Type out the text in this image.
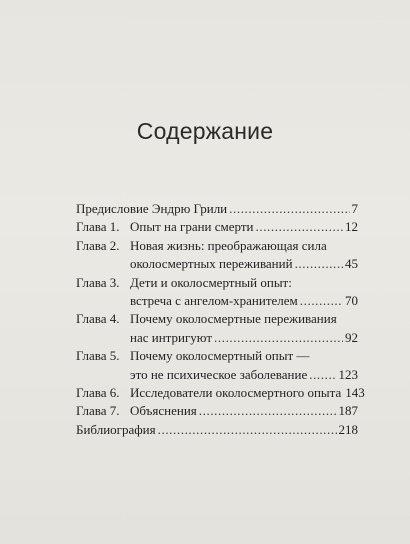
Содержание
Предисловие Эндрю Грили .....	7
Глава 1. Опыт на грани смерти .....	12
Глава 2. Новая жизнь: преображающая сила
околосмертных переживаний .....	45
Глава 3. Дети и околосмертный опыт:
встреча с ангелом-хранителем .....	70
Глава 4. Почему околосмертные переживания
нас интригуют .....	92
Глава 5. Почему околосмертный опыт —
это не психическое заболевание ..... 123
Глава 6. Исследователи околосмертного опыта 143
Глава 7. Объяснения .....	187
Библиография .....	218
